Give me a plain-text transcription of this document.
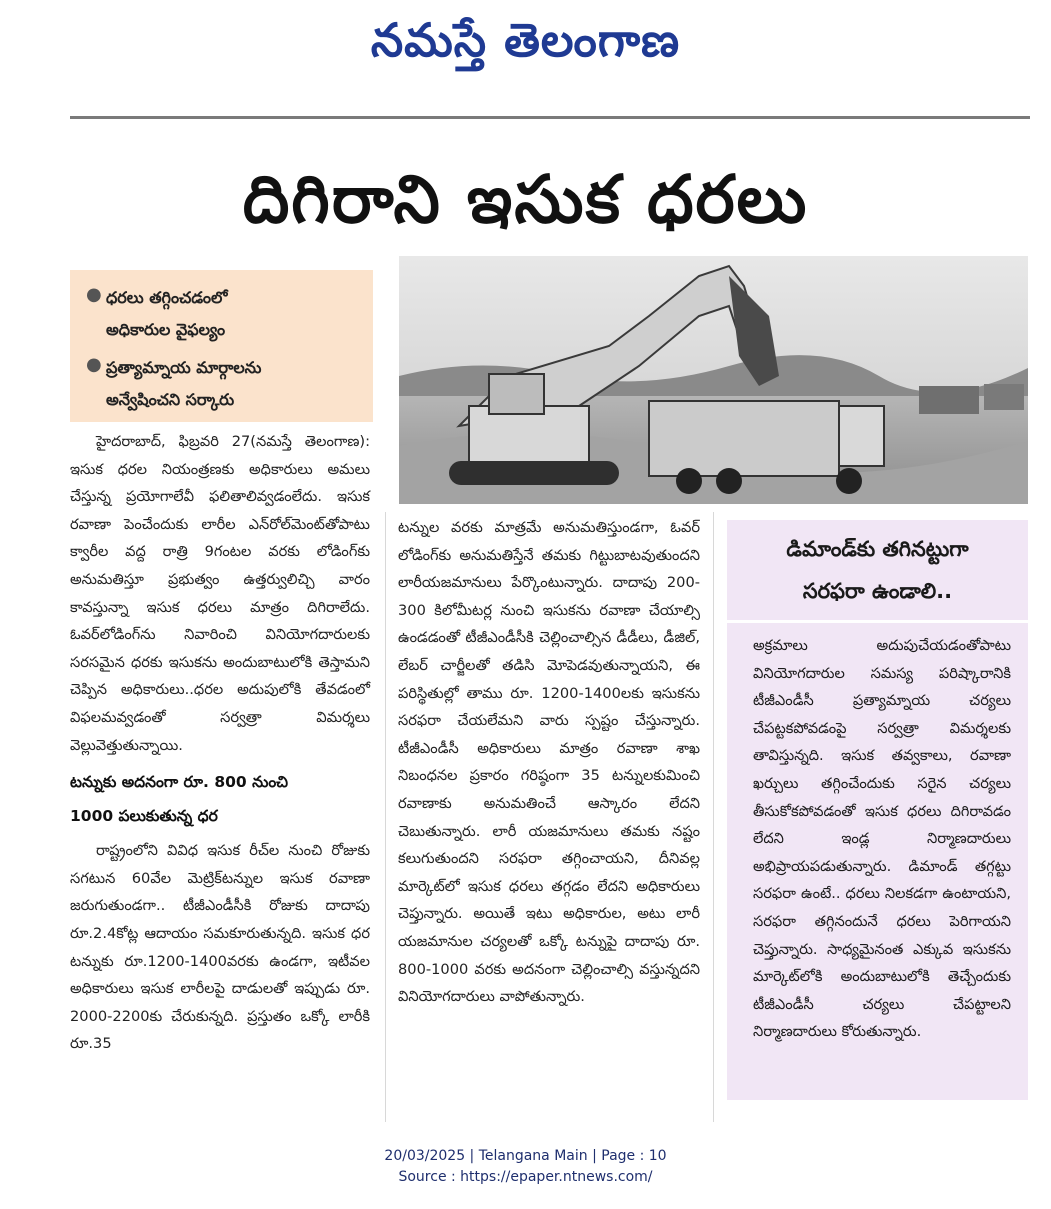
నమస్తే తెలంగాణ
దిగిరాని ఇసుక ధరలు
● ధరలు తగ్గించడంలో
అధికారుల వైఫల్యం
● ప్రత్యామ్నాయ మార్గాలను
అన్వేషించని సర్కారు

హైదరాబాద్, ఫిబ్రవరి 27(నమస్తే తెలంగాణ): ఇసుక ధరల నియంత్రణకు అధికారులు అమలు చేస్తున్న ప్రయోగాలేవీ ఫలితాలివ్వడంలేదు. ఇసుక రవాణా పెంచేందుకు లారీల ఎన్‌రోల్‌మెంట్‌తోపాటు క్వారీల వద్ద రాత్రి 9గంటల వరకు లోడింగ్‌కు అనుమతిస్తూ ప్రభుత్వం ఉత్తర్వులిచ్చి వారం కావస్తున్నా ఇసుక ధరలు మాత్రం దిగిరాలేదు. ఓవర్‌లోడింగ్‌ను నివారించి వినియోగదారులకు సరసమైన ధరకు ఇసుకను అందుబాటులోకి తెస్తామని చెప్పిన అధికారులు..ధరల అదుపులోకి తేవడంలో విఫలమవ్వడంతో సర్వత్రా విమర్శలు వెల్లువెత్తుతున్నాయి.

టన్నుకు అదనంగా రూ. 800 నుంచి
1000 పలుకుతున్న ధర

రాష్ట్రంలోని వివిధ ఇసుక రీచ్‌ల నుంచి రోజుకు సగటున 60వేల మెట్రిక్‌టన్నుల ఇసుక రవాణా జరుగుతుండగా.. టీజీఎండీసీకి రోజుకు దాదాపు రూ.2.4కోట్ల ఆదాయం సమకూరుతున్నది. ఇసుక ధర టన్నుకు రూ.1200-1400వరకు ఉండగా, ఇటీవల అధికారులు ఇసుక లారీలపై దాడులతో ఇప్పుడు రూ. 2000-2200కు చేరుకున్నది. ప్రస్తుతం ఒక్కో లారీకి రూ.35

టన్నుల వరకు మాత్రమే అనుమతిస్తుండగా, ఓవర్ లోడింగ్‌కు అనుమతిస్తేనే తమకు గిట్టుబాటవుతుందని లారీయజమానులు పేర్కొంటున్నారు. దాదాపు 200-300 కిలోమీటర్ల నుంచి ఇసుకను రవాణా చేయాల్సి ఉండడంతో టీజీఎండీసీకి చెల్లించాల్సిన డీడీలు, డీజిల్, లేబర్ చార్జీలతో తడిసి మోపెడవుతున్నాయని, ఈ పరిస్థితుల్లో తాము రూ. 1200-1400లకు ఇసుకను సరఫరా చేయలేమని వారు స్పష్టం చేస్తున్నారు. టీజీఎండీసీ అధికారులు మాత్రం రవాణా శాఖ నిబంధనల ప్రకారం గరిష్ఠంగా 35 టన్నులకుమించి రవాణాకు అనుమతించే ఆస్కారం లేదని చెబుతున్నారు. లారీ యజమానులు తమకు నష్టం కలుగుతుందని సరఫరా తగ్గించాయని, దీనివల్ల మార్కెట్‌లో ఇసుక ధరలు తగ్గడం లేదని అధికారులు చెప్తున్నారు. అయితే ఇటు అధికారుల, అటు లారీ యజమానుల చర్యలతో ఒక్కో టన్నుపై దాదాపు రూ. 800-1000 వరకు అదనంగా చెల్లించాల్సి వస్తున్నదని వినియోగదారులు వాపోతున్నారు.

డిమాండ్‌కు తగినట్టుగా
సరఫరా ఉండాలి..

అక్రమాలు అదుపుచేయడంతోపాటు వినియోగదారుల సమస్య పరిష్కారానికి టీజీఎండీసీ ప్రత్యామ్నాయ చర్యలు చేపట్టకపోవడంపై సర్వత్రా విమర్శలకు తావిస్తున్నది. ఇసుక తవ్వకాలు, రవాణా ఖర్చులు తగ్గించేందుకు సరైన చర్యలు తీసుకోకపోవడంతో ఇసుక ధరలు దిగిరావడం లేదని ఇండ్ల నిర్మాణదారులు అభిప్రాయపడుతున్నారు. డిమాండ్ తగ్గట్టు సరఫరా ఉంటే.. ధరలు నిలకడగా ఉంటాయని, సరఫరా తగ్గినందునే ధరలు పెరిగాయని చెప్తున్నారు. సాధ్యమైనంత ఎక్కువ ఇసుకను మార్కెట్‌లోకి అందుబాటులోకి తెచ్చేందుకు టీజీఎండీసీ చర్యలు చేపట్టాలని నిర్మాణదారులు కోరుతున్నారు.

20/03/2025 | Telangana Main | Page : 10
Source : https://epaper.ntnews.com/
